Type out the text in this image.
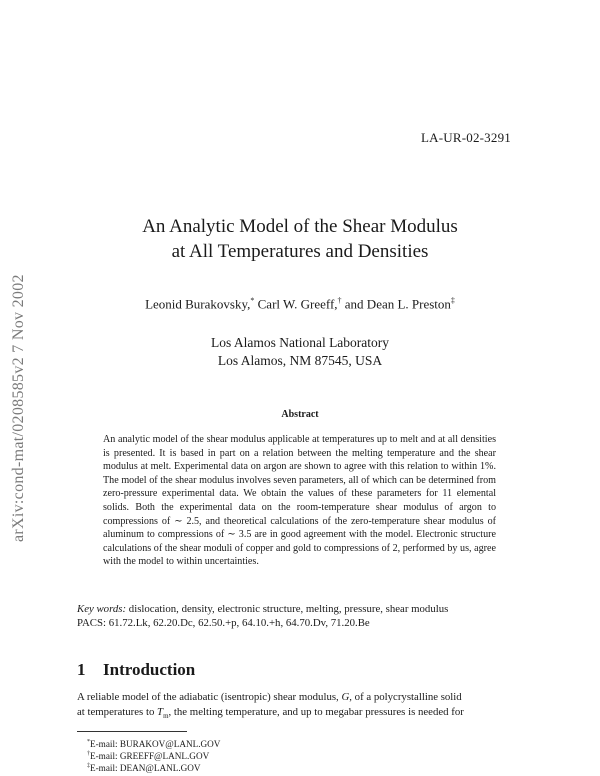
LA-UR-02-3291
arXiv:cond-mat/0208585v2 7 Nov 2002
An Analytic Model of the Shear Modulus
at All Temperatures and Densities
Leonid Burakovsky,* Carl W. Greeff,† and Dean L. Preston‡
Los Alamos National Laboratory
Los Alamos, NM 87545, USA
Abstract
An analytic model of the shear modulus applicable at temperatures up to melt and at all densities is presented. It is based in part on a relation between the melting temperature and the shear modulus at melt. Experimental data on argon are shown to agree with this relation to within 1%. The model of the shear modulus involves seven parameters, all of which can be determined from zero-pressure experimental data. We obtain the values of these parameters for 11 elemental solids. Both the experimental data on the room-temperature shear modulus of argon to compressions of ∼ 2.5, and theoretical calculations of the zero-temperature shear modulus of aluminum to compressions of ∼ 3.5 are in good agreement with the model. Electronic structure calculations of the shear moduli of copper and gold to compressions of 2, performed by us, agree with the model to within uncertainties.
Key words: dislocation, density, electronic structure, melting, pressure, shear modulus
PACS: 61.72.Lk, 62.20.Dc, 62.50.+p, 64.10.+h, 64.70.Dv, 71.20.Be
1 Introduction
A reliable model of the adiabatic (isentropic) shear modulus, G, of a polycrystalline solid
at temperatures to $T_m$, the melting temperature, and up to megabar pressures is needed for
*E-mail: BURAKOV@LANL.GOV
†E-mail: GREEFF@LANL.GOV
‡E-mail: DEAN@LANL.GOV
